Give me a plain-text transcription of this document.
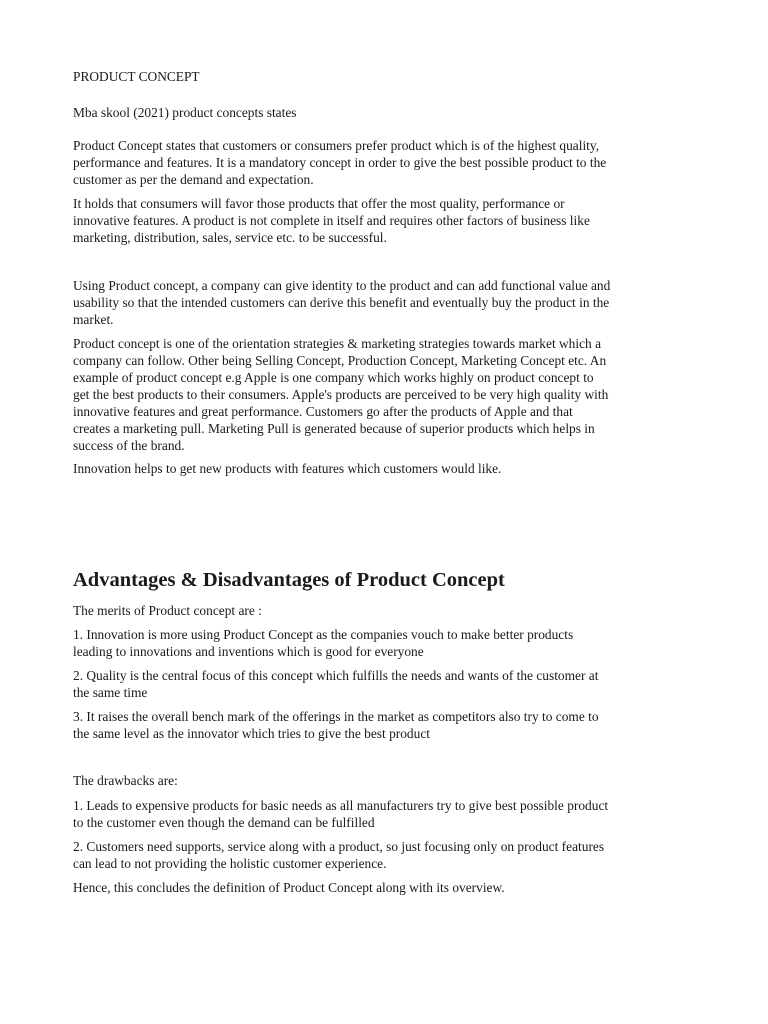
PRODUCT CONCEPT

Mba skool (2021) product concepts states

Product Concept states that customers or consumers prefer product which is of the highest quality,

performance and features. It is a mandatory concept in order to give the best possible product to the

customer as per the demand and expectation.

It holds that consumers will favor those products that offer the most quality, performance or

innovative features. A product is not complete in itself and requires other factors of business like

marketing, distribution, sales, service etc. to be successful.

Using Product concept, a company can give identity to the product and can add functional value and

usability so that the intended customers can derive this benefit and eventually buy the product in the

market.

Product concept is one of the orientation strategies & marketing strategies towards market which a

company can follow. Other being Selling Concept, Production Concept, Marketing Concept etc. An

example of product concept e.g Apple is one company which works highly on product concept to

get the best products to their consumers. Apple's products are perceived to be very high quality with

innovative features and great performance. Customers go after the products of Apple and that

creates a marketing pull. Marketing Pull is generated because of superior products which helps in

success of the brand.

Innovation helps to get new products with features which customers would like.

Advantages & Disadvantages of Product Concept

The merits of Product concept are :

1. Innovation is more using Product Concept as the companies vouch to make better products

leading to innovations and inventions which is good for everyone

2. Quality is the central focus of this concept which fulfills the needs and wants of the customer at

the same time

3. It raises the overall bench mark of the offerings in the market as competitors also try to come to

the same level as the innovator which tries to give the best product

The drawbacks are:

1. Leads to expensive products for basic needs as all manufacturers try to give best possible product

to the customer even though the demand can be fulfilled

2. Customers need supports, service along with a product, so just focusing only on product features

can lead to not providing the holistic customer experience.

Hence, this concludes the definition of Product Concept along with its overview.
